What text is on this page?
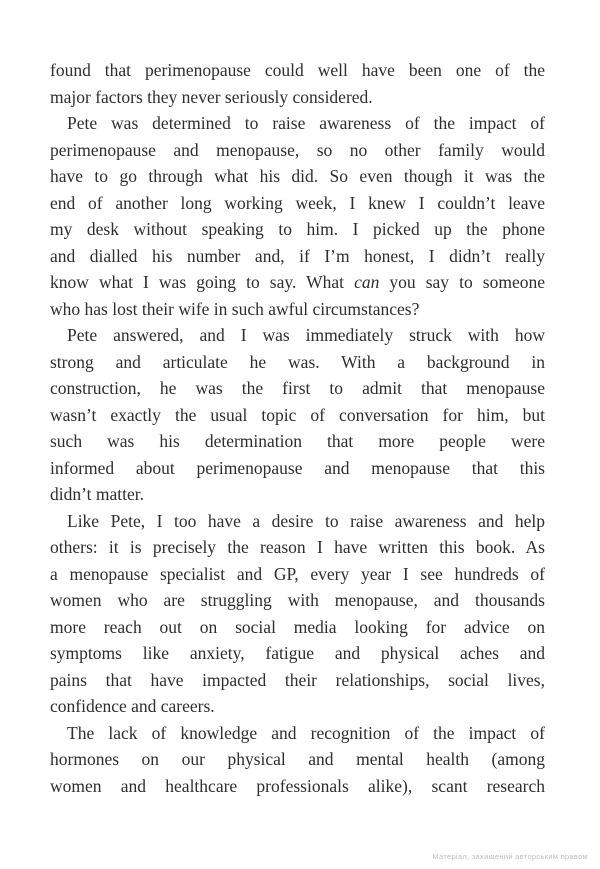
found that perimenopause could well have been one of the
major factors they never seriously considered.
Pete was determined to raise awareness of the impact of
perimenopause and menopause, so no other family would
have to go through what his did. So even though it was the
end of another long working week, I knew I couldn’t leave
my desk without speaking to him. I picked up the phone
and dialled his number and, if I’m honest, I didn’t really
know what I was going to say. What can you say to someone
who has lost their wife in such awful circumstances?
Pete answered, and I was immediately struck with how
strong and articulate he was. With a background in
construction, he was the first to admit that menopause
wasn’t exactly the usual topic of conversation for him, but
such was his determination that more people were
informed about perimenopause and menopause that this
didn’t matter.
Like Pete, I too have a desire to raise awareness and help
others: it is precisely the reason I have written this book. As
a menopause specialist and GP, every year I see hundreds of
women who are struggling with menopause, and thousands
more reach out on social media looking for advice on
symptoms like anxiety, fatigue and physical aches and
pains that have impacted their relationships, social lives,
confidence and careers.
The lack of knowledge and recognition of the impact of
hormones on our physical and mental health (among
women and healthcare professionals alike), scant research
Матеріал, захищений авторським правом
